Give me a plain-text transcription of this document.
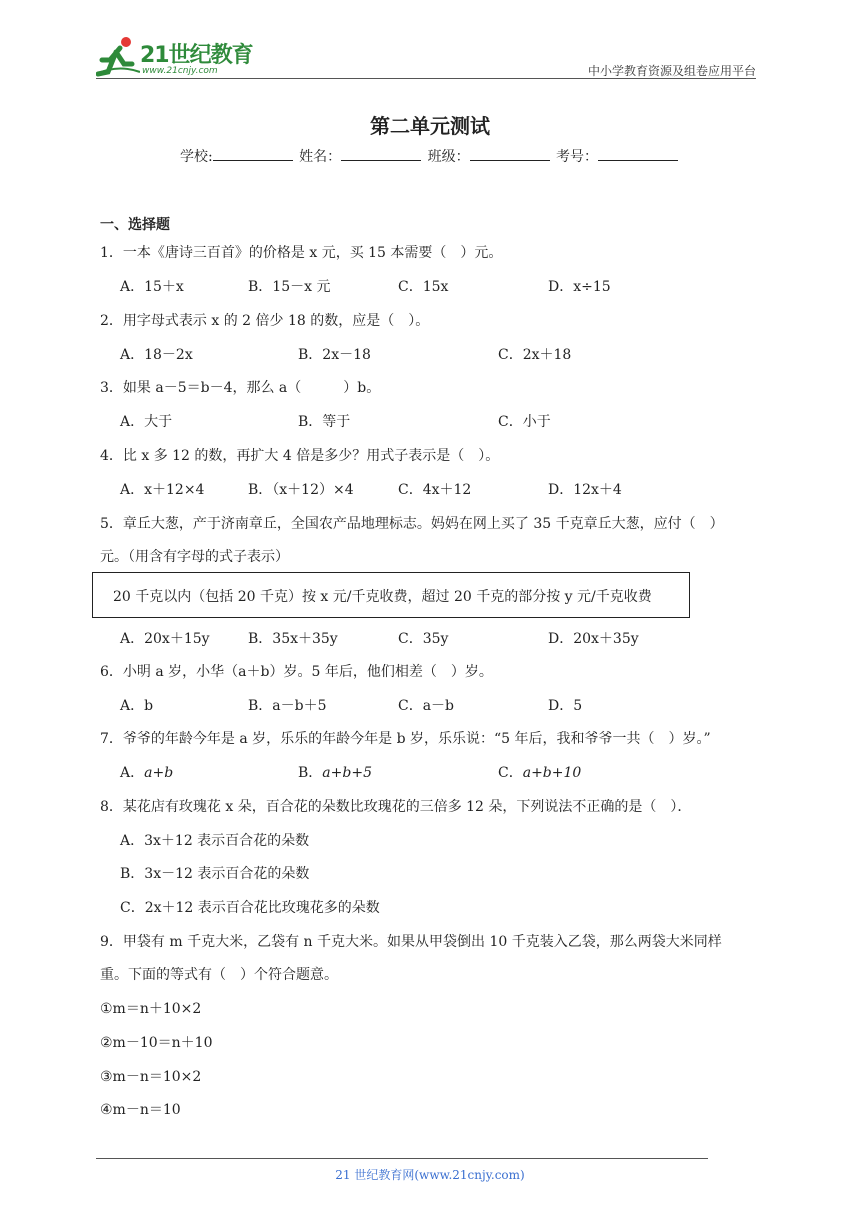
21世纪教育
www.21cnjy.com	中小学教育资源及组卷应用平台
第二单元测试
学校:	姓名：	班级：	考号：
一、选择题
1．一本《唐诗三百首》的价格是 x 元，买 15 本需要（　）元。
A．15＋x	B．15－x 元	C．15x	D．x÷15
2．用字母式表示 x 的 2 倍少 18 的数，应是（　）。
A．18－2x	B．2x－18	C．2x＋18
3．如果 a－5＝b－4，那么 a（　　　）b。
A．大于	B．等于	C．小于
4．比 x 多 12 的数，再扩大 4 倍是多少？用式子表示是（　）。
A．x＋12×4	B．（x＋12）×4	C．4x＋12	D．12x＋4
5．章丘大葱，产于济南章丘，全国农产品地理标志。妈妈在网上买了 35 千克章丘大葱，应付（　）
元。（用含有字母的式子表示）
20 千克以内（包括 20 千克）按 x 元/千克收费，超过 20 千克的部分按 y 元/千克收费
A．20x＋15y	B．35x＋35y	C．35y	D．20x＋35y
6．小明 a 岁，小华（a＋b）岁。5 年后，他们相差（　）岁。
A．b	B．a－b＋5	C．a－b	D．5
7．爷爷的年龄今年是 a 岁，乐乐的年龄今年是 b 岁，乐乐说：“5 年后，我和爷爷一共（　）岁。”
A．a+b	B．a+b+5	C．a+b+10
8．某花店有玫瑰花 x 朵，百合花的朵数比玫瑰花的三倍多 12 朵，下列说法不正确的是（　）．
A．3x＋12 表示百合花的朵数
B．3x－12 表示百合花的朵数
C．2x＋12 表示百合花比玫瑰花多的朵数
9．甲袋有 m 千克大米，乙袋有 n 千克大米。如果从甲袋倒出 10 千克装入乙袋，那么两袋大米同样
重。下面的等式有（　）个符合题意。
①m＝n＋10×2
②m－10＝n＋10
③m－n＝10×2
④m－n＝10
21 世纪教育网(www.21cnjy.com)
